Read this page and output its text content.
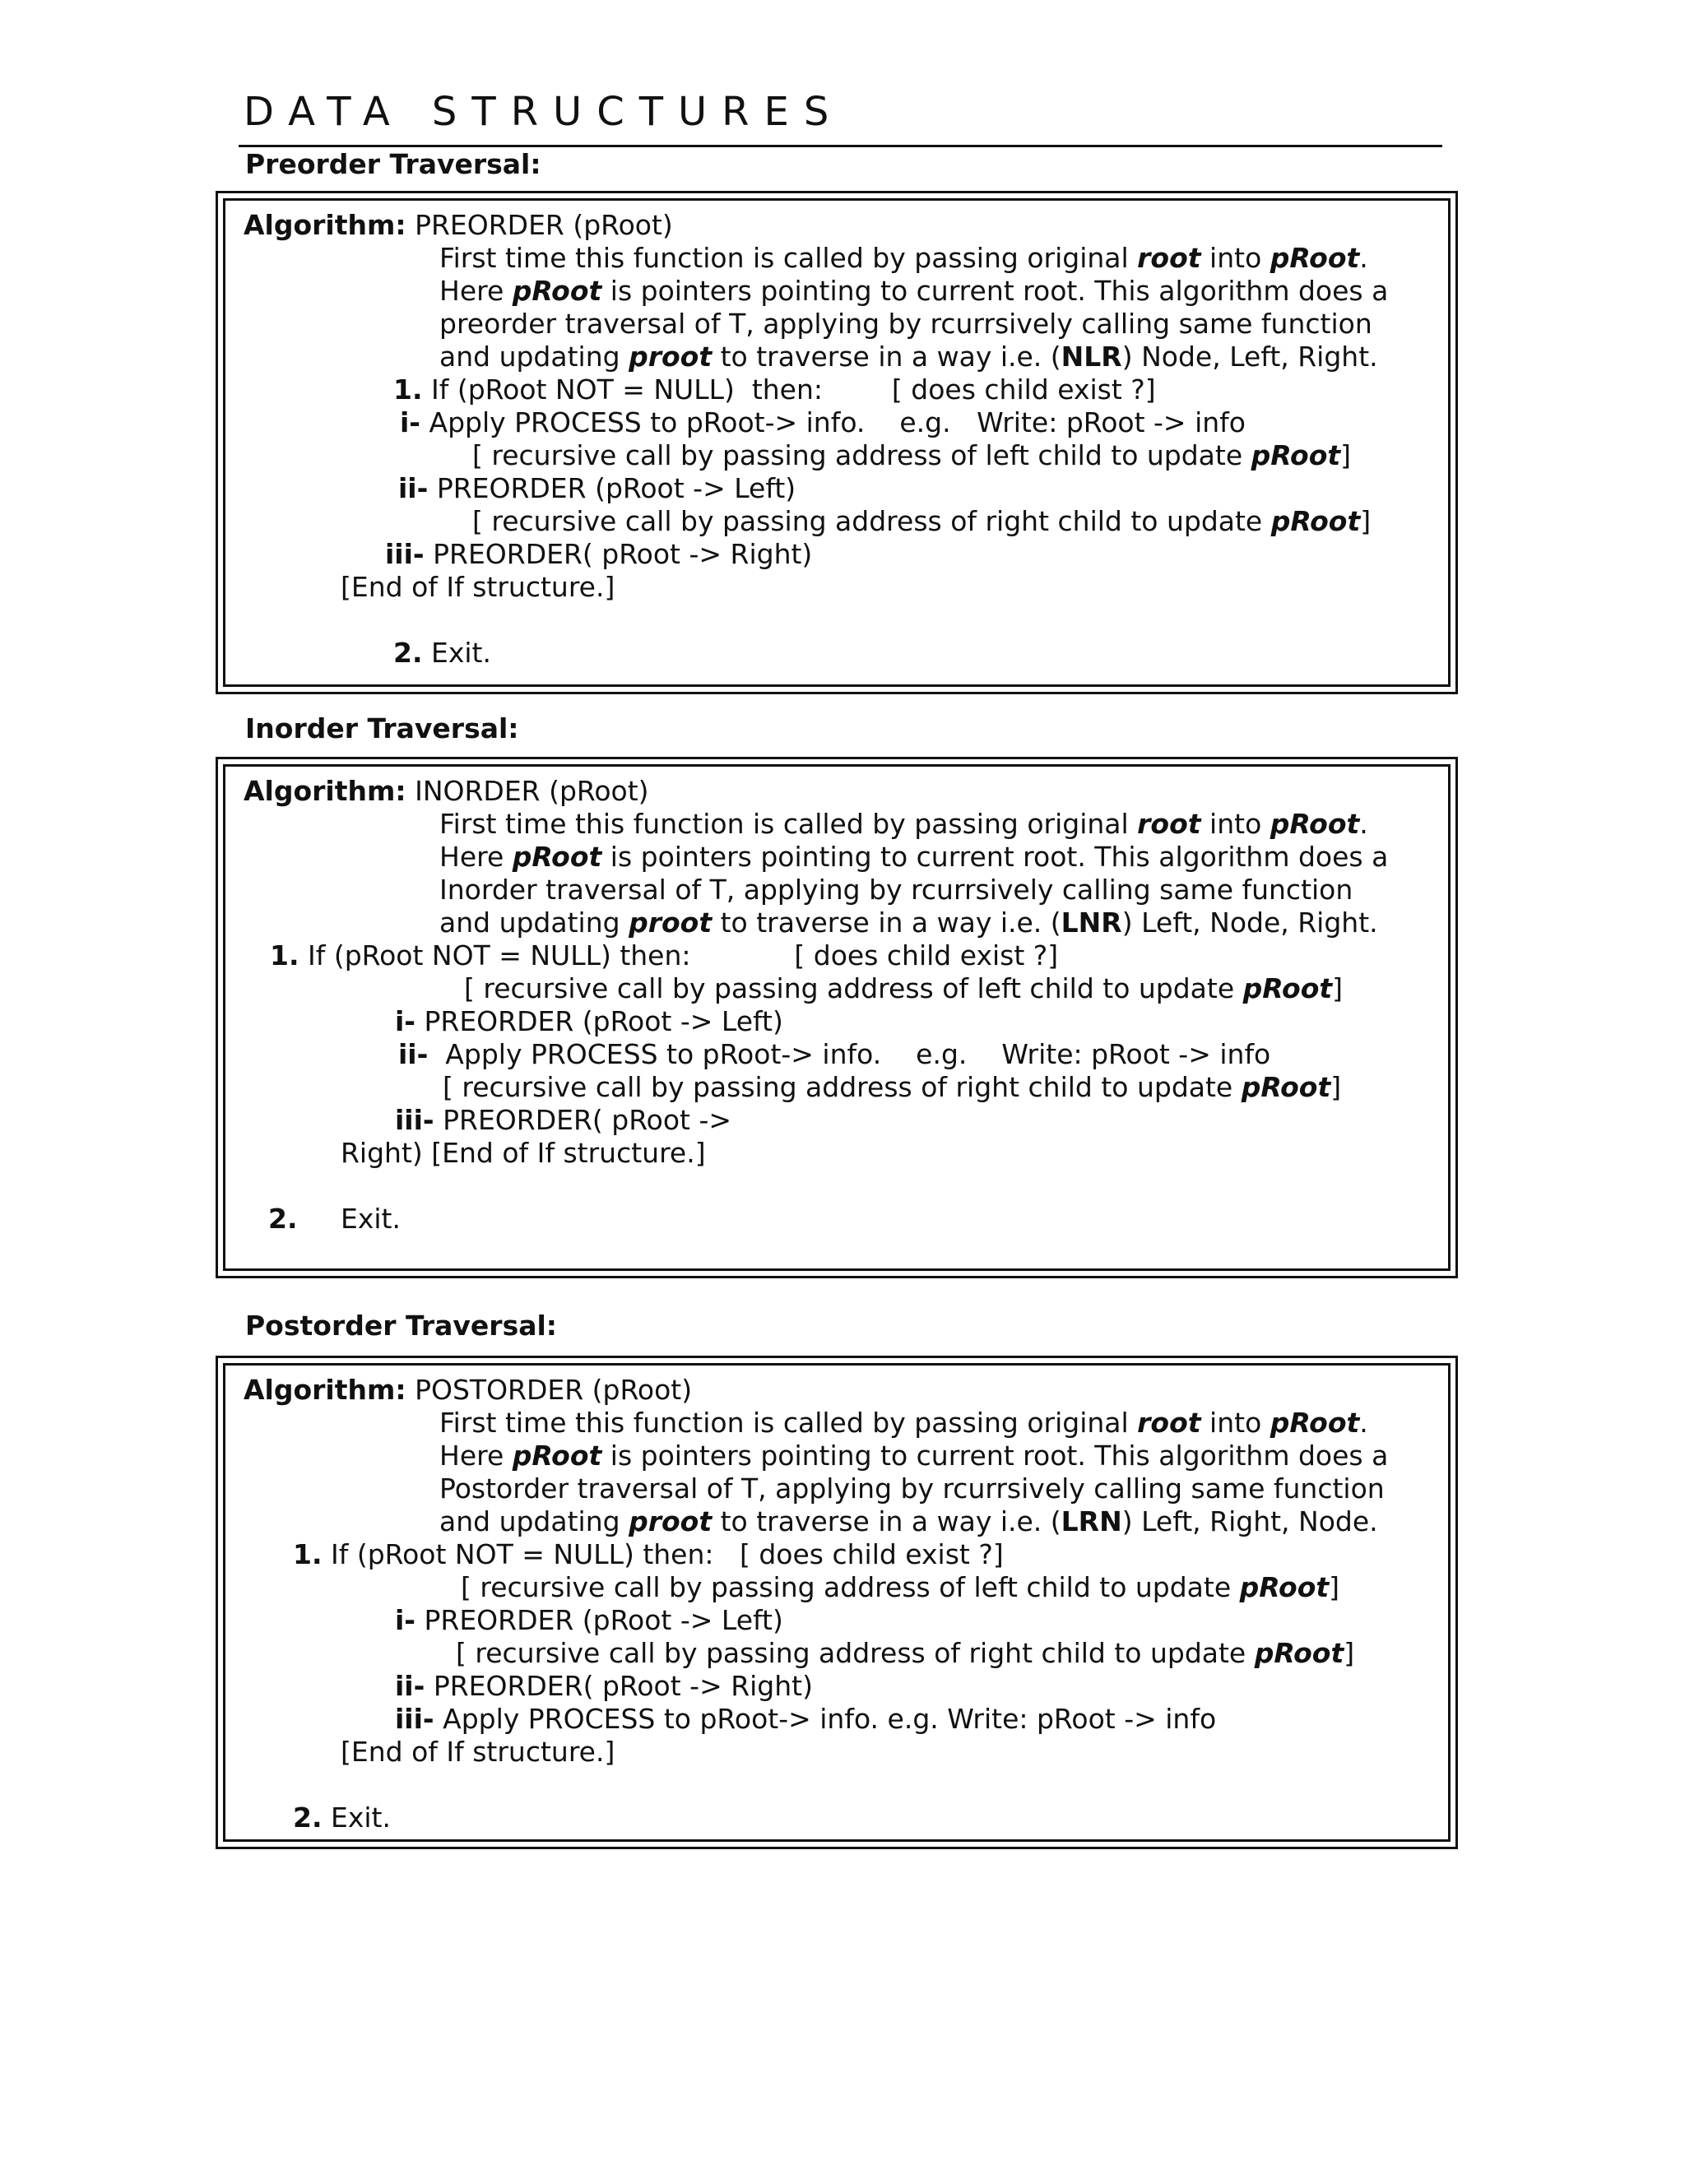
DATA STRUCTURES
Preorder Traversal:
Algorithm: PREORDER (pRoot)
First time this function is called by passing original root into pRoot.
Here pRoot is pointers pointing to current root. This algorithm does a
preorder traversal of T, applying by rcurrsively calling same function
and updating proot to traverse in a way i.e. (NLR) Node, Left, Right.
1. If (pRoot NOT = NULL)  then:        [ does child exist ?]
i- Apply PROCESS to pRoot-> info.    e.g.   Write: pRoot -> info
[ recursive call by passing address of left child to update pRoot]
ii- PREORDER (pRoot -> Left)
[ recursive call by passing address of right child to update pRoot]
iii- PREORDER( pRoot -> Right)
[End of If structure.]
2. Exit.
Inorder Traversal:
Algorithm: INORDER (pRoot)
First time this function is called by passing original root into pRoot.
Here pRoot is pointers pointing to current root. This algorithm does a
Inorder traversal of T, applying by rcurrsively calling same function
and updating proot to traverse in a way i.e. (LNR) Left, Node, Right.
1. If (pRoot NOT = NULL) then:            [ does child exist ?]
[ recursive call by passing address of left child to update pRoot]
i- PREORDER (pRoot -> Left)
ii-  Apply PROCESS to pRoot-> info.    e.g.    Write: pRoot -> info
[ recursive call by passing address of right child to update pRoot]
iii- PREORDER( pRoot ->
Right) [End of If structure.]
2. Exit.
Postorder Traversal:
Algorithm: POSTORDER (pRoot)
First time this function is called by passing original root into pRoot.
Here pRoot is pointers pointing to current root. This algorithm does a
Postorder traversal of T, applying by rcurrsively calling same function
and updating proot to traverse in a way i.e. (LRN) Left, Right, Node.
1. If (pRoot NOT = NULL) then:   [ does child exist ?]
[ recursive call by passing address of left child to update pRoot]
i- PREORDER (pRoot -> Left)
[ recursive call by passing address of right child to update pRoot]
ii- PREORDER( pRoot -> Right)
iii- Apply PROCESS to pRoot-> info. e.g. Write: pRoot -> info
[End of If structure.]
2. Exit.
